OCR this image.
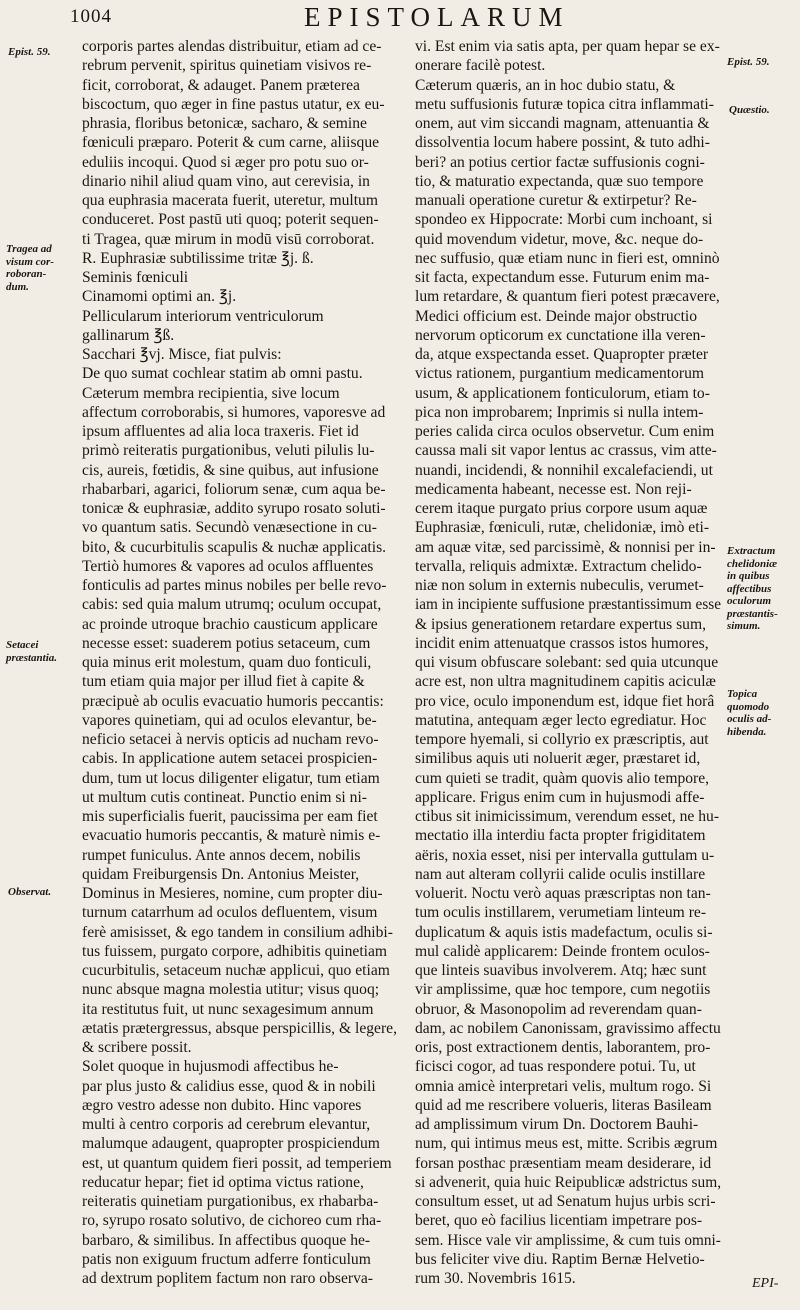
1004	EPISTOLARUM
Epist. 59.
Tragea ad
visum cor-
roboran-
dum.
Setacei
præstantia.
Observat.
Epist. 59.
Quæstio.
Extractum
chelidoniæ
in quibus
affectibus
oculorum
præstantis-
simum.
Topica
quomodo
oculis ad-
hibenda.
corporis partes alendas distribuitur, etiam ad ce-
rebrum pervenit, spiritus quinetiam visivos re-
ficit, corroborat, & adauget. Panem præterea
biscoctum, quo æger in fine pastus utatur, ex eu-
phrasia, floribus betonicæ, sacharo, & semine
fœniculi præparo. Poterit & cum carne, aliisque
eduliis incoqui. Quod si æger pro potu suo or-
dinario nihil aliud quam vino, aut cerevisia, in
qua euphrasia macerata fuerit, uteretur, multum
conduceret. Post pastū uti quoq; poterit sequen-
ti Tragea, quæ mirum in modū visū corroborat.
R. Euphrasiæ subtilissime tritæ ℥j. ß.
Seminis fœniculi
Cinamomi optimi an. ℥j.
Pellicularum interiorum ventriculorum
gallinarum ℥ß.
Sacchari ℥vj. Misce, fiat pulvis:
De quo sumat cochlear statim ab omni pastu.
Cæterum membra recipientia, sive locum
affectum corroborabis, si humores, vaporesve ad
ipsum affluentes ad alia loca traxeris. Fiet id
primò reiteratis purgationibus, veluti pilulis lu-
cis, aureis, fœtidis, & sine quibus, aut infusione
rhabarbari, agarici, foliorum senæ, cum aqua be-
tonicæ & euphrasiæ, addito syrupo rosato soluti-
vo quantum satis. Secundò venæsectione in cu-
bito, & cucurbitulis scapulis & nuchæ applicatis.
Tertiò humores & vapores ad oculos affluentes
fonticulis ad partes minus nobiles per belle revo-
cabis: sed quia malum utrumq; oculum occupat,
ac proinde utroque brachio causticum applicare
necesse esset: suaderem potius setaceum, cum
quia minus erit molestum, quam duo fonticuli,
tum etiam quia major per illud fiet à capite &
præcipuè ab oculis evacuatio humoris peccantis:
vapores quinetiam, qui ad oculos elevantur, be-
neficio setacei à nervis opticis ad nucham revo-
cabis. In applicatione autem setacei prospicien-
dum, tum ut locus diligenter eligatur, tum etiam
ut multum cutis contineat. Punctio enim si ni-
mis superficialis fuerit, paucissima per eam fiet
evacuatio humoris peccantis, & maturè nimis e-
rumpet funiculus. Ante annos decem, nobilis
quidam Freiburgensis Dn. Antonius Meister,
Dominus in Mesieres, nomine, cum propter diu-
turnum catarrhum ad oculos defluentem, visum
ferè amisisset, & ego tandem in consilium adhibi-
tus fuissem, purgato corpore, adhibitis quinetiam
cucurbitulis, setaceum nuchæ applicui, quo etiam
nunc absque magna molestia utitur; visus quoq;
ita restitutus fuit, ut nunc sexagesimum annum
ætatis prætergressus, absque perspicillis, & legere,
& scribere possit.
Solet quoque in hujusmodi affectibus he-
par plus justo & calidius esse, quod & in nobili
ægro vestro adesse non dubito. Hinc vapores
multi à centro corporis ad cerebrum elevantur,
malumque adaugent, quapropter prospiciendum
est, ut quantum quidem fieri possit, ad temperiem
reducatur hepar; fiet id optima victus ratione,
reiteratis quinetiam purgationibus, ex rhabarba-
ro, syrupo rosato solutivo, de cichoreo cum rha-
barbaro, & similibus. In affectibus quoque he-
patis non exiguum fructum adferre fonticulum
ad dextrum poplitem factum non raro observa-
vi. Est enim via satis apta, per quam hepar se ex-
onerare facilè potest.
Cæterum quæris, an in hoc dubio statu, &
metu suffusionis futuræ topica citra inflammati-
onem, aut vim siccandi magnam, attenuantia &
dissolventia locum habere possint, & tuto adhi-
beri? an potius certior factæ suffusionis cogni-
tio, & maturatio expectanda, quæ suo tempore
manuali operatione curetur & extirpetur? Re-
spondeo ex Hippocrate: Morbi cum inchoant, si
quid movendum videtur, move, &c. neque do-
nec suffusio, quæ etiam nunc in fieri est, omninò
sit facta, expectandum esse. Futurum enim ma-
lum retardare, & quantum fieri potest præcavere,
Medici officium est. Deinde major obstructio
nervorum opticorum ex cunctatione illa veren-
da, atque exspectanda esset. Quapropter præter
victus rationem, purgantium medicamentorum
usum, & applicationem fonticulorum, etiam to-
pica non improbarem; Inprimis si nulla intem-
peries calida circa oculos observetur. Cum enim
caussa mali sit vapor lentus ac crassus, vim atte-
nuandi, incidendi, & nonnihil excalefaciendi, ut
medicamenta habeant, necesse est. Non reji-
cerem itaque purgato prius corpore usum aquæ
Euphrasiæ, fœniculi, rutæ, chelidoniæ, imò eti-
am aquæ vitæ, sed parcissimè, & nonnisi per in-
tervalla, reliquis admixtæ. Extractum chelido-
niæ non solum in externis nubeculis, verumet-
iam in incipiente suffusione præstantissimum esse
& ipsius generationem retardare expertus sum,
incidit enim attenuatque crassos istos humores,
qui visum obfuscare solebant: sed quia utcunque
acre est, non ultra magnitudinem capitis aciculæ
pro vice, oculo imponendum est, idque fiet horâ
matutina, antequam æger lecto egrediatur. Hoc
tempore hyemali, si collyrio ex præscriptis, aut
similibus aquis uti noluerit æger, præstaret id,
cum quieti se tradit, quàm quovis alio tempore,
applicare. Frigus enim cum in hujusmodi affe-
ctibus sit inimicissimum, verendum esset, ne hu-
mectatio illa interdiu facta propter frigiditatem
aëris, noxia esset, nisi per intervalla guttulam u-
nam aut alteram collyrii calide oculis instillare
voluerit. Noctu verò aquas præscriptas non tan-
tum oculis instillarem, verumetiam linteum re-
duplicatum & aquis istis madefactum, oculis si-
mul calidè applicarem: Deinde frontem oculos-
que linteis suavibus involverem. Atq; hæc sunt
vir amplissime, quæ hoc tempore, cum negotiis
obruor, & Masonopolim ad reverendam quan-
dam, ac nobilem Canonissam, gravissimo affectu
oris, post extractionem dentis, laborantem, pro-
ficisci cogor, ad tuas respondere potui. Tu, ut
omnia amicè interpretari velis, multum rogo. Si
quid ad me rescribere volueris, literas Basileam
ad amplissimum virum Dn. Doctorem Bauhi-
num, qui intimus meus est, mitte. Scribis ægrum
forsan posthac præsentiam meam desiderare, id
si advenerit, quia huic Reipublicæ adstrictus sum,
consultum esset, ut ad Senatum hujus urbis scri-
beret, quo eò facilius licentiam impetrare pos-
sem. Hisce vale vir amplissime, & cum tuis omni-
bus feliciter vive diu. Raptim Bernæ Helvetio-
rum 30. Novembris 1615.	EPI-
